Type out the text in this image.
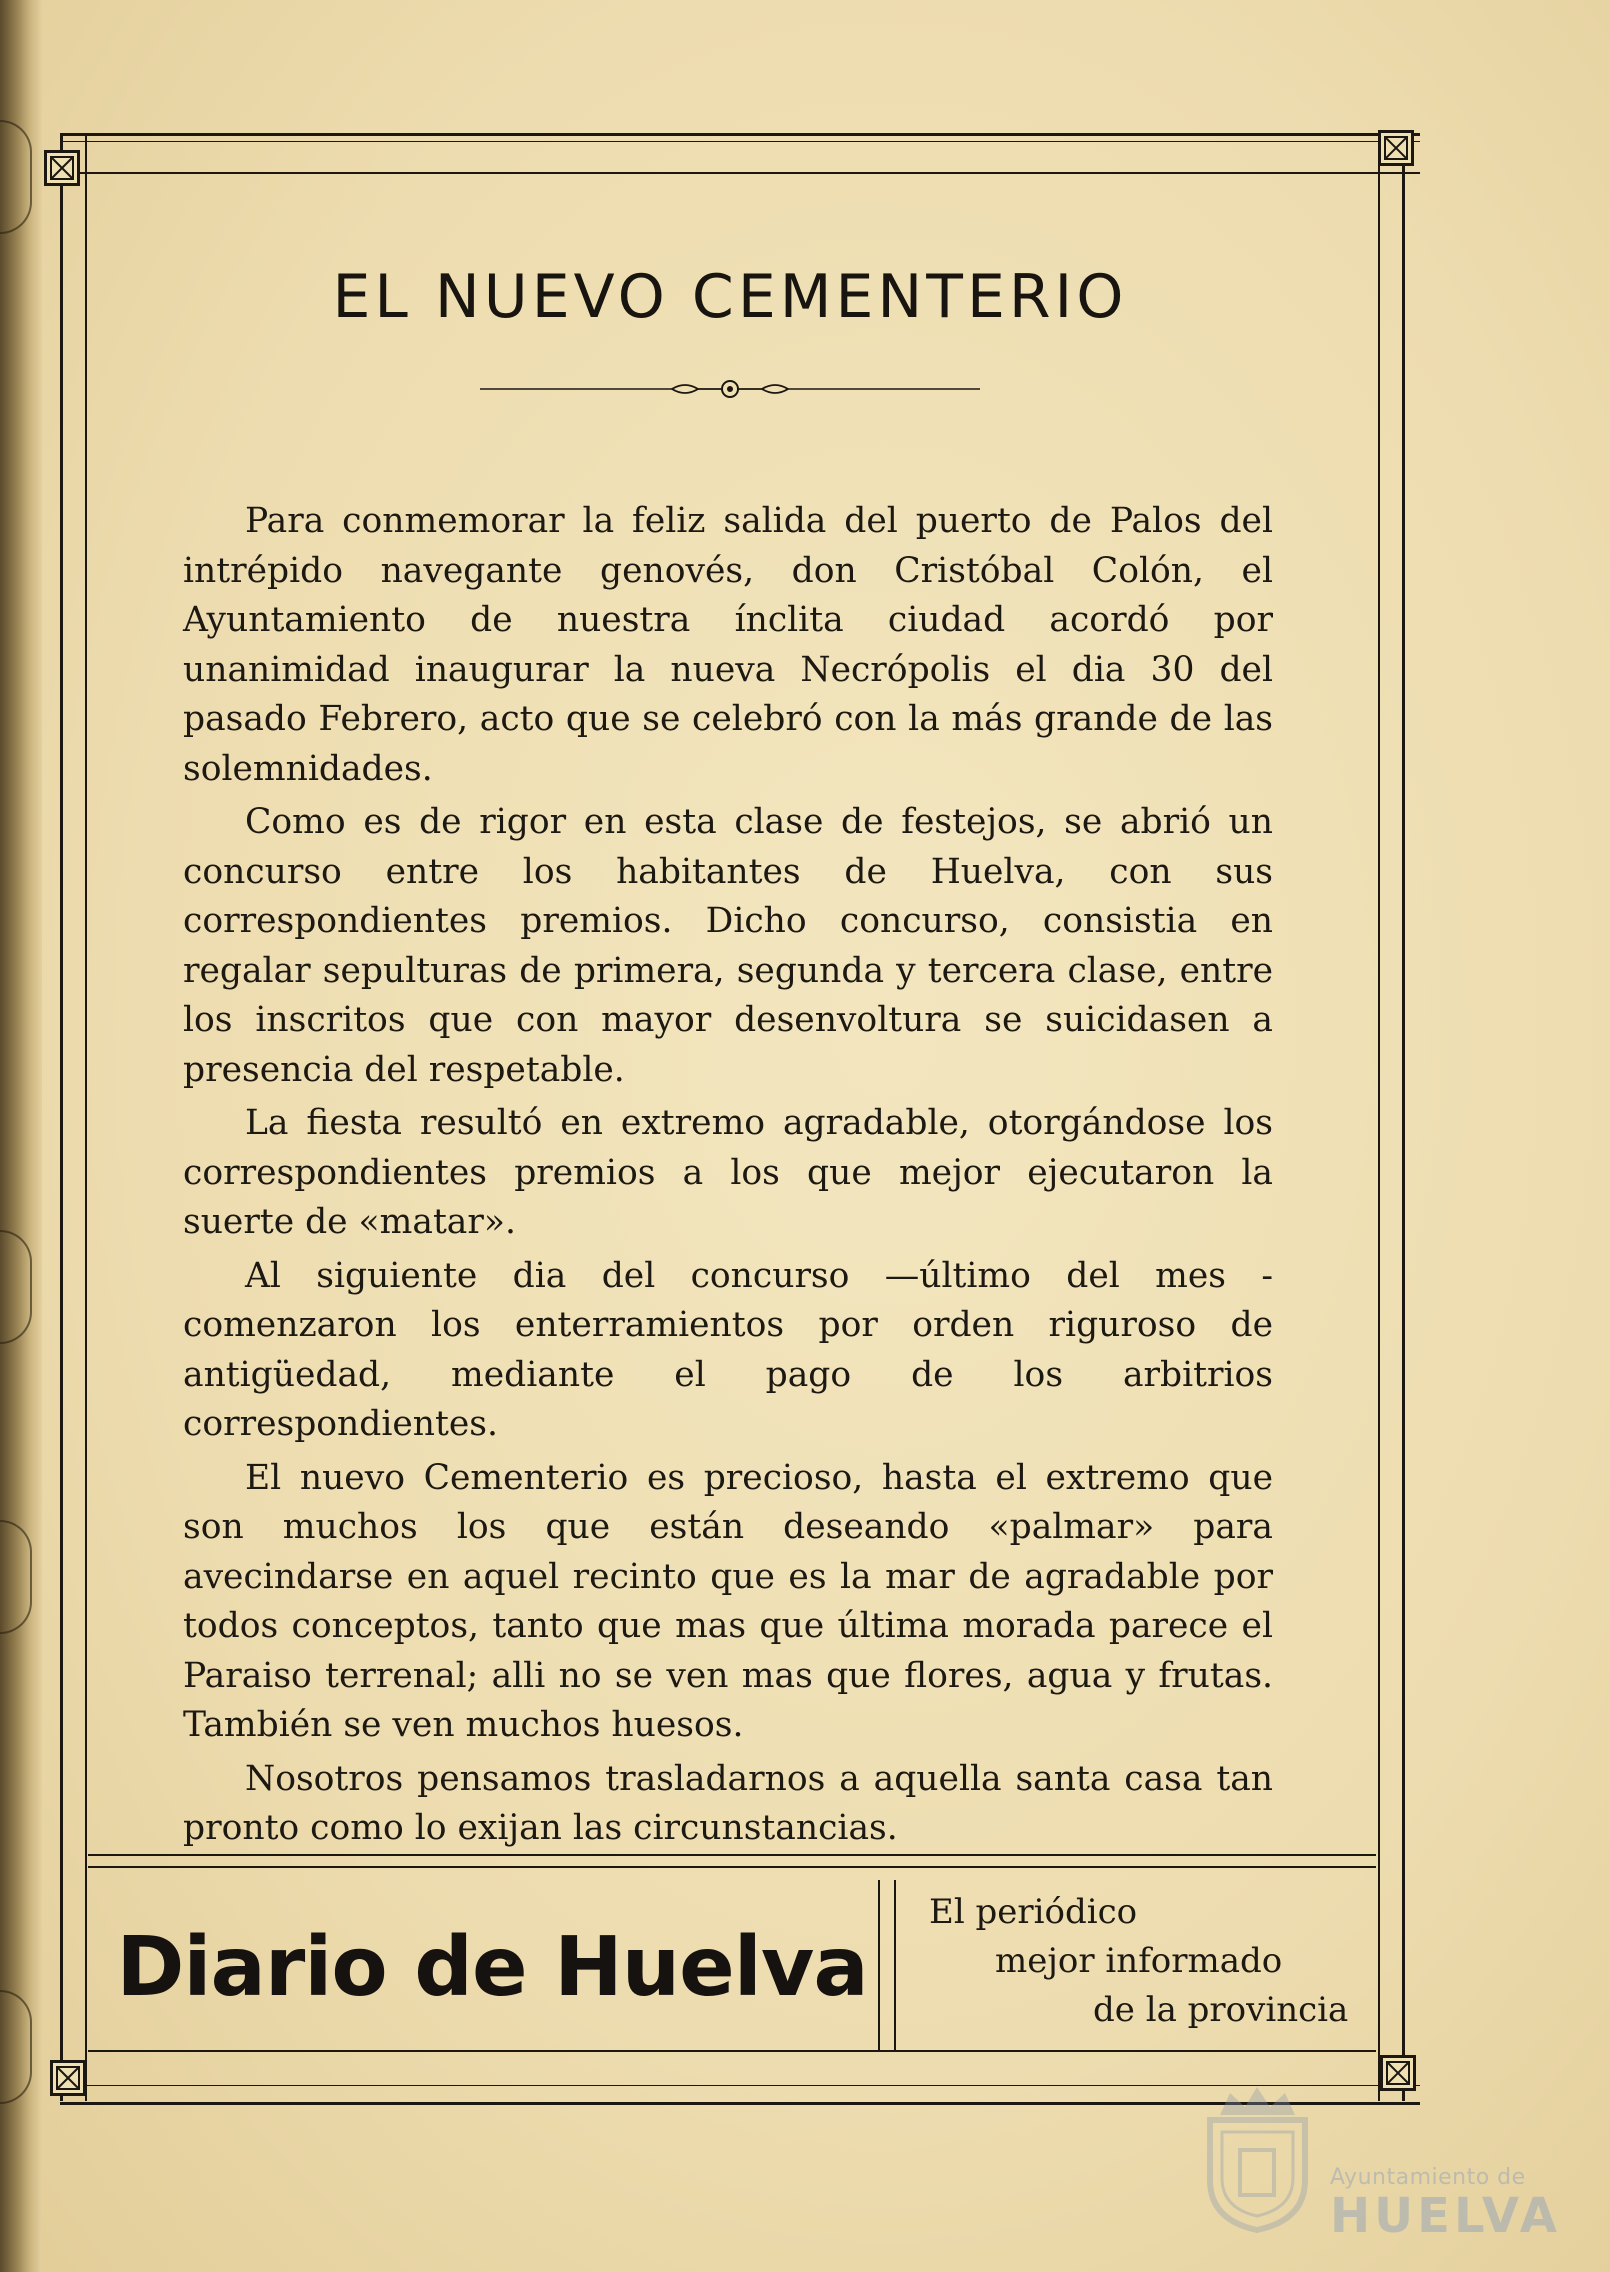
EL NUEVO CEMENTERIO

Para conmemorar la feliz salida del puerto de Palos del intrépido navegante genovés, don Cristóbal Colón, el Ayuntamiento de nuestra ínclita ciudad acordó por unanimidad inaugurar la nueva Necrópolis el dia 30 del pasado Febrero, acto que se celebró con la más grande de las solemnidades.

Como es de rigor en esta clase de festejos, se abrió un concurso entre los habitantes de Huelva, con sus correspondientes premios. Dicho concurso, consistia en regalar sepulturas de primera, segunda y tercera clase, entre los inscritos que con mayor desenvoltura se suicidasen a presencia del respetable.

La fiesta resultó en extremo agradable, otorgándose los correspondientes premios a los que mejor ejecutaron la suerte de «matar».

Al siguiente dia del concurso —último del mes - comenzaron los enterramientos por orden riguroso de antigüedad, mediante el pago de los arbitrios correspondientes.

El nuevo Cementerio es precioso, hasta el extremo que son muchos los que están deseando «palmar» para avecindarse en aquel recinto que es la mar de agradable por todos conceptos, tanto que mas que última morada parece el Paraiso terrenal; alli no se ven mas que flores, agua y frutas. También se ven muchos huesos.

Nosotros pensamos trasladarnos a aquella santa casa tan pronto como lo exijan las circunstancias.

Diario de Huelva
El periódico
mejor informado
de la provincia
Ayuntamiento de
HUELVA
